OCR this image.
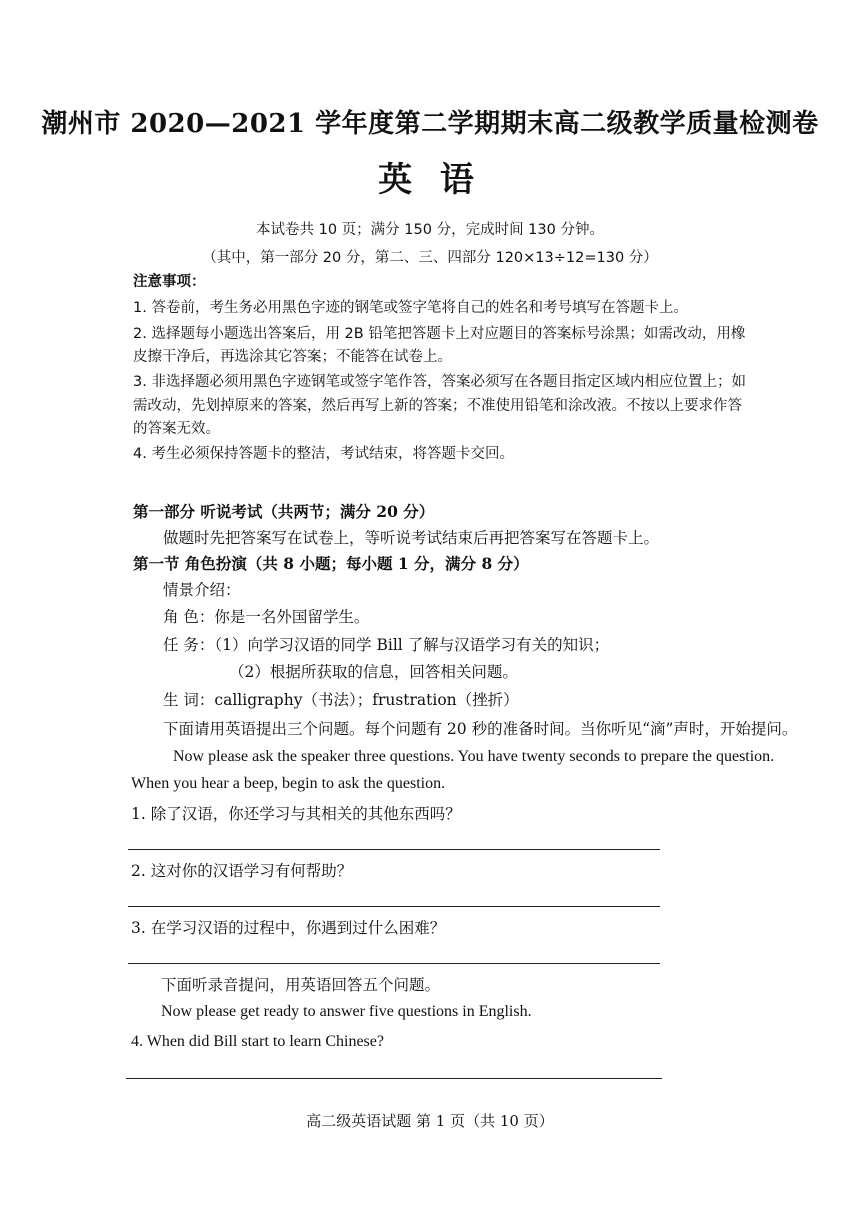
潮州市 2020—2021 学年度第二学期期末高二级教学质量检测卷
英 语
本试卷共 10 页；满分 150 分，完成时间 130 分钟。
（其中，第一部分 20 分，第二、三、四部分 120×13÷12=130 分）
注意事项：
1. 答卷前，考生务必用黑色字迹的钢笔或签字笔将自己的姓名和考号填写在答题卡上。
2. 选择题每小题选出答案后，用 2B 铅笔把答题卡上对应题目的答案标号涂黑；如需改动，用橡
皮擦干净后，再选涂其它答案；不能答在试卷上。
3. 非选择题必须用黑色字迹钢笔或签字笔作答，答案必须写在各题目指定区域内相应位置上；如
需改动，先划掉原来的答案，然后再写上新的答案；不准使用铅笔和涂改液。不按以上要求作答
的答案无效。
4. 考生必须保持答题卡的整洁，考试结束，将答题卡交回。
第一部分 听说考试（共两节；满分 20 分）
做题时先把答案写在试卷上，等听说考试结束后再把答案写在答题卡上。
第一节 角色扮演（共 8 小题；每小题 1 分，满分 8 分）
情景介绍：
角 色：你是一名外国留学生。
任 务：（1）向学习汉语的同学 Bill 了解与汉语学习有关的知识；
（2）根据所获取的信息，回答相关问题。
生 词：calligraphy（书法）；frustration（挫折）
下面请用英语提出三个问题。每个问题有 20 秒的准备时间。当你听见“滴”声时，开始提问。
Now please ask the speaker three questions. You have twenty seconds to prepare the question.
When you hear a beep, begin to ask the question.
1. 除了汉语，你还学习与其相关的其他东西吗？
2. 这对你的汉语学习有何帮助？
3. 在学习汉语的过程中，你遇到过什么困难？
下面听录音提问，用英语回答五个问题。
Now please get ready to answer five questions in English.
4. When did Bill start to learn Chinese?
高二级英语试题 第 1 页（共 10 页）
